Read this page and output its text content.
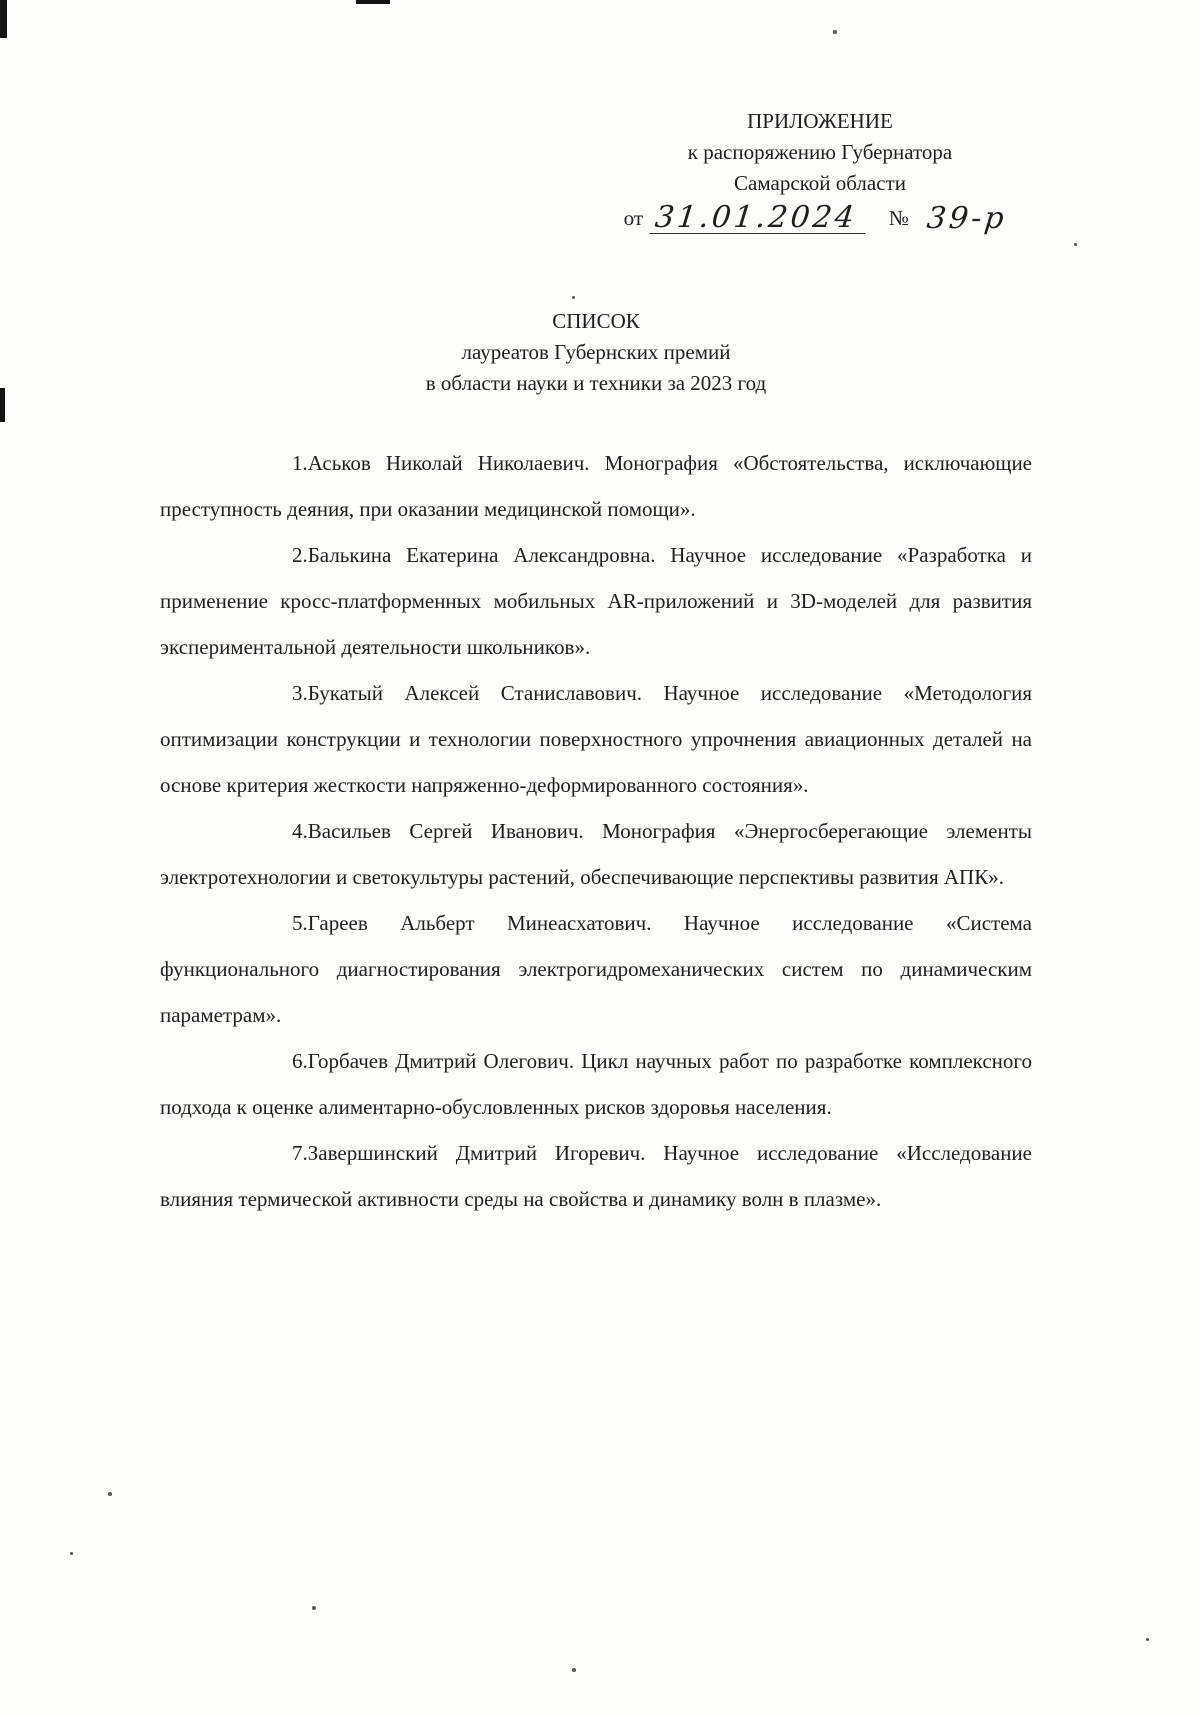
ПРИЛОЖЕНИЕ
к распоряжению Губернатора
Самарской области
от 31.01.2024	№ 39-р
СПИСОК
лауреатов Губернских премий
в области науки и техники за 2023 год

1.Аськов Николай Николаевич. Монография «Обстоятельства, исключающие преступность деяния, при оказании медицинской помощи».

2.Балькина Екатерина Александровна. Научное исследование «Разработка и применение кросс-платформенных мобильных AR-приложений и 3D-моделей для развития экспериментальной деятельности школьников».

3.Букатый Алексей Станиславович. Научное исследование «Методология оптимизации конструкции и технологии поверхностного упрочнения авиационных деталей на основе критерия жесткости напряженно-деформированного состояния».

4.Васильев Сергей Иванович. Монография «Энергосберегающие элементы электротехнологии и светокультуры растений, обеспечивающие перспективы развития АПК».

5.Гареев Альберт Минеасхатович. Научное исследование «Система функционального диагностирования электрогидромеханических систем по динамическим параметрам».

6.Горбачев Дмитрий Олегович. Цикл научных работ по разработке комплексного подхода к оценке алиментарно-обусловленных рисков здоровья населения.

7.Завершинский Дмитрий Игоревич. Научное исследование «Исследование влияния термической активности среды на свойства и динамику волн в плазме».
